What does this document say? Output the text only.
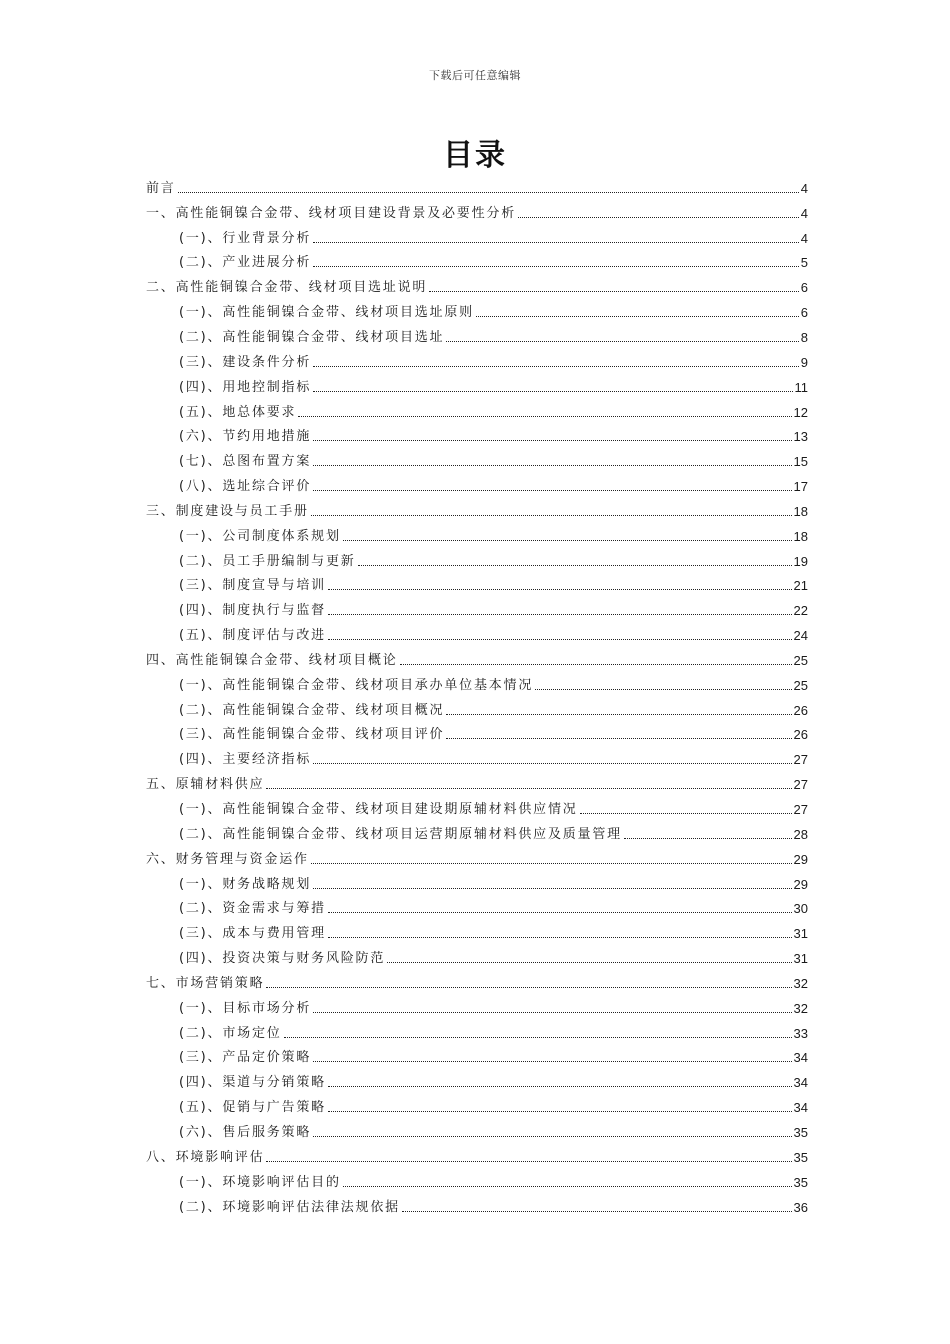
下载后可任意编辑
目录
前言	4
一、高性能铜镍合金带、线材项目建设背景及必要性分析	4
(一)、行业背景分析	4
(二)、产业进展分析	5
二、高性能铜镍合金带、线材项目选址说明	6
(一)、高性能铜镍合金带、线材项目选址原则	6
(二)、高性能铜镍合金带、线材项目选址	8
(三)、建设条件分析	9
(四)、用地控制指标	11
(五)、地总体要求	12
(六)、节约用地措施	13
(七)、总图布置方案	15
(八)、选址综合评价	17
三、制度建设与员工手册	18
(一)、公司制度体系规划	18
(二)、员工手册编制与更新	19
(三)、制度宣导与培训	21
(四)、制度执行与监督	22
(五)、制度评估与改进	24
四、高性能铜镍合金带、线材项目概论	25
(一)、高性能铜镍合金带、线材项目承办单位基本情况	25
(二)、高性能铜镍合金带、线材项目概况	26
(三)、高性能铜镍合金带、线材项目评价	26
(四)、主要经济指标	27
五、原辅材料供应	27
(一)、高性能铜镍合金带、线材项目建设期原辅材料供应情况	27
(二)、高性能铜镍合金带、线材项目运营期原辅材料供应及质量管理	28
六、财务管理与资金运作	29
(一)、财务战略规划	29
(二)、资金需求与筹措	30
(三)、成本与费用管理	31
(四)、投资决策与财务风险防范	31
七、市场营销策略	32
(一)、目标市场分析	32
(二)、市场定位	33
(三)、产品定价策略	34
(四)、渠道与分销策略	34
(五)、促销与广告策略	34
(六)、售后服务策略	35
八、环境影响评估	35
(一)、环境影响评估目的	35
(二)、环境影响评估法律法规依据	36
